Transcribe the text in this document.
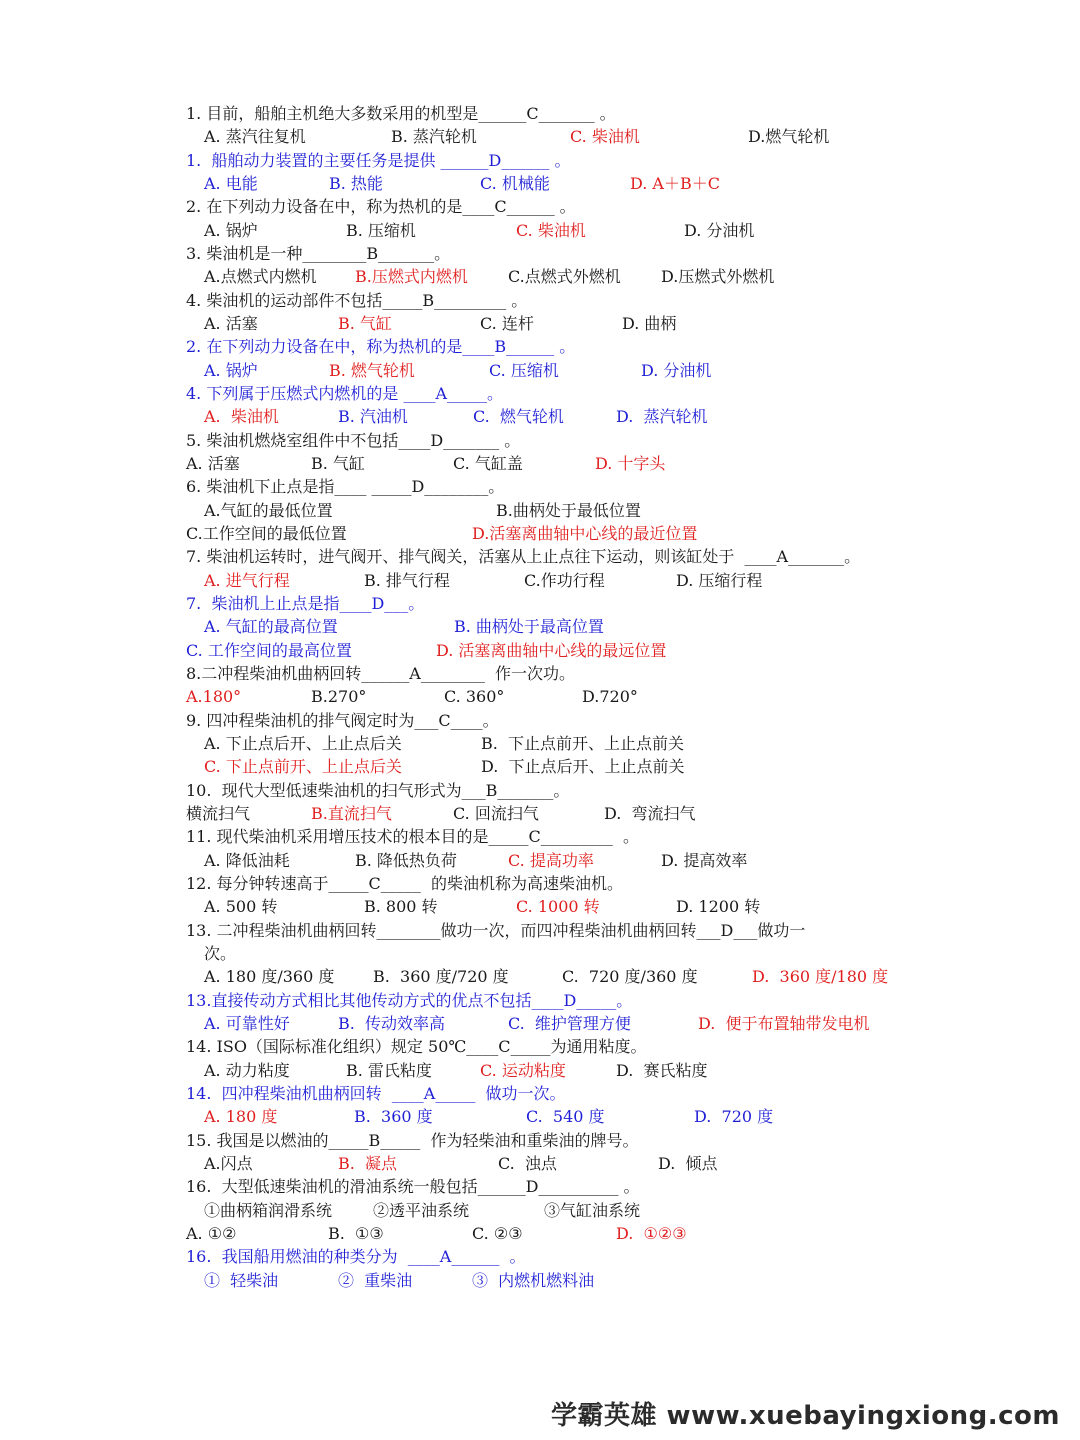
1. 目前，船舶主机绝大多数采用的机型是______C_______ 。
A. 蒸汽往复机	B. 蒸汽轮机	C. 柴油机	D.燃气轮机
1.  船舶动力装置的主要任务是提供 ______D______ 。
A. 电能	B. 热能	C. 机械能	D. A＋B＋C
2. 在下列动力设备在中，称为热机的是____C______ 。
A. 锅炉	B. 压缩机	C. 柴油机	D. 分油机
3. 柴油机是一种________B_______。
A.点燃式内燃机 B.压燃式内燃机	C.点燃式外燃机	D.压燃式外燃机
4. 柴油机的运动部件不包括_____B_________ 。
A. 活塞	B. 气缸	C. 连杆	D. 曲柄
2. 在下列动力设备在中，称为热机的是____B______ 。
A. 锅炉	B. 燃气轮机	C. 压缩机	D. 分油机
4. 下列属于压燃式内燃机的是 ____A_____。
A.  柴油机	B. 汽油机	C.  燃气轮机	D.  蒸汽轮机
5. 柴油机燃烧室组件中不包括____D_______ 。
A. 活塞	B. 气缸	C. 气缸盖	D. 十字头
6. 柴油机下止点是指____ _____D________。
A.气缸的最低位置	B.曲柄处于最低位置
C.工作空间的最低位置	D.活塞离曲轴中心线的最近位置
7. 柴油机运转时，进气阀开、排气阀关，活塞从上止点往下运动，则该缸处于  ____A_______。
A. 进气行程	B. 排气行程	C.作功行程	D. 压缩行程
7.  柴油机上止点是指____D___。
A. 气缸的最高位置	B. 曲柄处于最高位置
C. 工作空间的最高位置	D. 活塞离曲轴中心线的最远位置
8.二冲程柴油机曲柄回转______A________  作一次功。
A.180°	B.270°	C. 360°	D.720°
9. 四冲程柴油机的排气阀定时为___C____。
A. 下止点后开、上止点后关	B.  下止点前开、上止点前关
C. 下止点前开、上止点后关	D.  下止点后开、上止点前关
10.  现代大型低速柴油机的扫气形式为___B_______。
横流扫气	B.直流扫气	C. 回流扫气	D.  弯流扫气
11. 现代柴油机采用增压技术的根本目的是_____C_________  。
A. 降低油耗	B. 降低热负荷	C. 提高功率	D. 提高效率
12. 每分钟转速高于_____C_____  的柴油机称为高速柴油机。
A. 500 转	B. 800 转	C. 1000 转	D. 1200 转
13. 二冲程柴油机曲柄回转________做功一次，而四冲程柴油机曲柄回转___D___做功一
次。
A. 180 度/360 度 B.  360 度/720 度	C.  720 度/360 度	D.  360 度/180 度
13.直接传动方式相比其他传动方式的优点不包括____D_____。
A. 可靠性好	B.  传动效率高	C.  维护管理方便	D.  便于布置轴带发电机
14. ISO（国际标准化组织）规定 50℃____C_____为通用粘度。
A. 动力粘度	B. 雷氏粘度	C. 运动粘度	D.  赛氏粘度
14.  四冲程柴油机曲柄回转  ____A_____  做功一次。
A. 180 度	B.  360 度	C.  540 度	D.  720 度
15. 我国是以燃油的_____B_____  作为轻柴油和重柴油的牌号。
A.闪点	B.  凝点	C.  浊点	D.  倾点
16.  大型低速柴油机的滑油系统一般包括______D__________ 。
①曲柄箱润滑系统	②透平油系统	③气缸油系统
A. ①②	B.  ①③	C. ②③	D.  ①②③
16.  我国船用燃油的种类分为  ____A______  。
①  轻柴油	②  重柴油	③  内燃机燃料油
学霸英雄 www.xuebayingxiong.com
